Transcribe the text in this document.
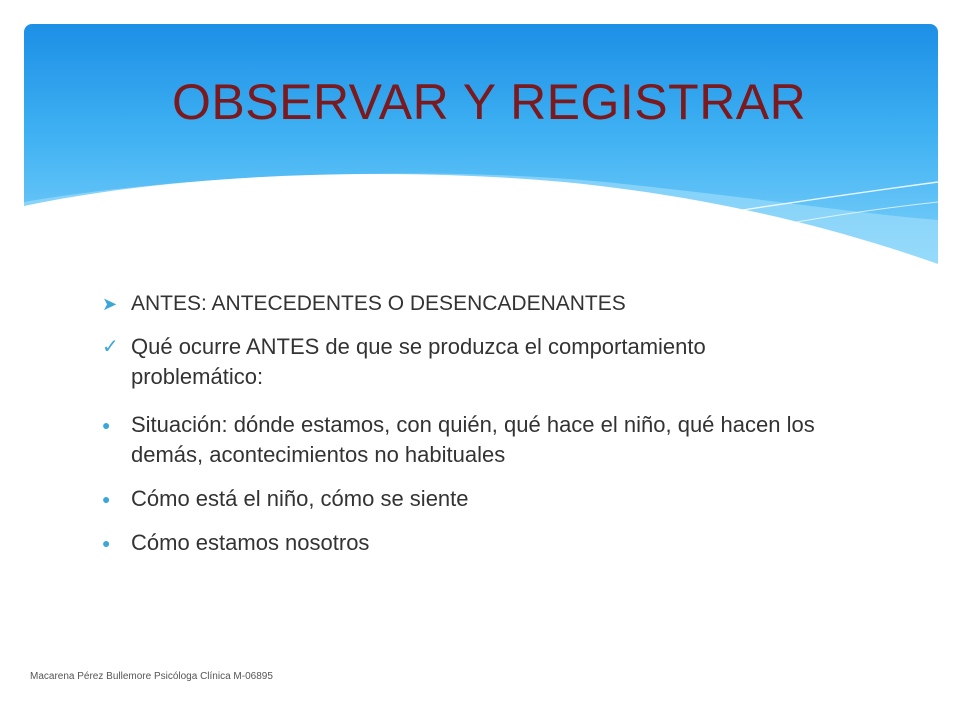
OBSERVAR Y REGISTRAR
➤ ANTES: ANTECEDENTES O DESENCADENANTES
✓ Qué ocurre ANTES de que se produzca el comportamiento problemático:
● Situación: dónde estamos, con quién, qué hace el niño, qué hacen los demás, acontecimientos no habituales
● Cómo está el niño, cómo se siente
● Cómo estamos nosotros
Macarena Pérez Bullemore Psicóloga Clínica M-06895
